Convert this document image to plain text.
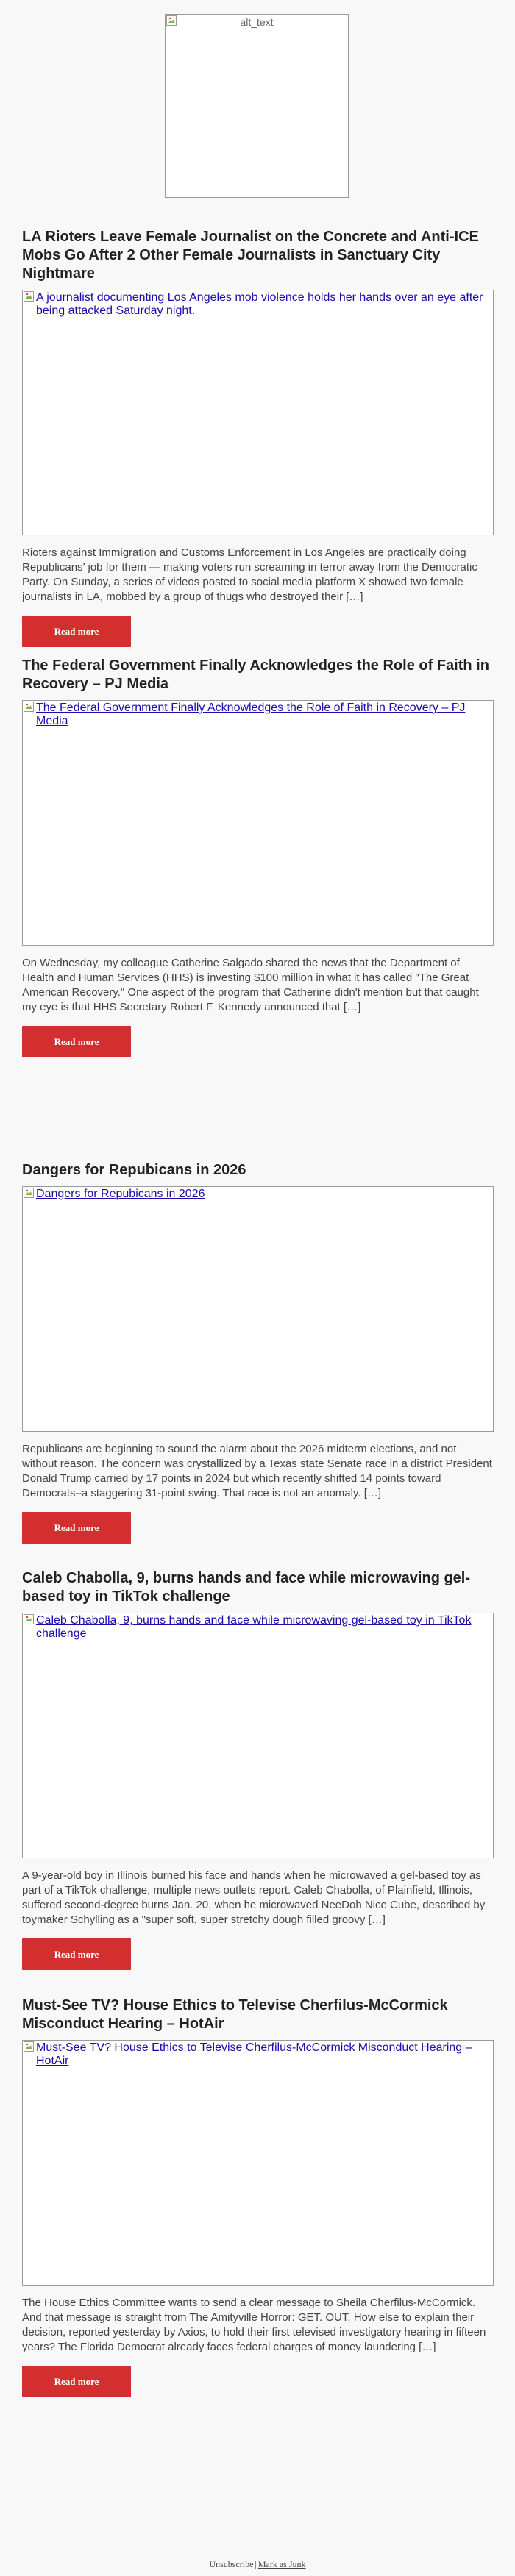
alt_text
LA Rioters Leave Female Journalist on the Concrete and Anti-ICE Mobs Go After 2 Other Female Journalists in Sanctuary City Nightmare
A journalist documenting Los Angeles mob violence holds her hands over an eye after being attacked Saturday night.

Rioters against Immigration and Customs Enforcement in Los Angeles are practically doing Republicans’ job for them — making voters run screaming in terror away from the Democratic Party. On Sunday, a series of videos posted to social media platform X showed two female journalists in LA, mobbed by a group of thugs who destroyed their […]

Read more
The Federal Government Finally Acknowledges the Role of Faith in Recovery – PJ Media
The Federal Government Finally Acknowledges the Role of Faith in Recovery – PJ Media

On Wednesday, my colleague Catherine Salgado shared the news that the Department of Health and Human Services (HHS) is investing $100 million in what it has called "The Great American Recovery." One aspect of the program that Catherine didn't mention but that caught my eye is that HHS Secretary Robert F. Kennedy announced that […]

Read more
Dangers for Repubicans in 2026
Dangers for Repubicans in 2026

Republicans are beginning to sound the alarm about the 2026 midterm elections, and not without reason. The concern was crystallized by a Texas state Senate race in a district President Donald Trump carried by 17 points in 2024 but which recently shifted 14 points toward Democrats–a staggering 31-point swing. That race is not an anomaly. […]

Read more
Caleb Chabolla, 9, burns hands and face while microwaving gel-based toy in TikTok challenge
Caleb Chabolla, 9, burns hands and face while microwaving gel-based toy in TikTok challenge

A 9-year-old boy in Illinois burned his face and hands when he microwaved a gel-based toy as part of a TikTok challenge, multiple news outlets report. Caleb Chabolla, of Plainfield, Illinois, suffered second-degree burns Jan. 20, when he microwaved NeeDoh Nice Cube, described by toymaker Schylling as a "super soft, super stretchy dough filled groovy […]

Read more
Must-See TV? House Ethics to Televise Cherfilus-McCormick Misconduct Hearing – HotAir
Must-See TV? House Ethics to Televise Cherfilus-McCormick Misconduct Hearing – HotAir

The House Ethics Committee wants to send a clear message to Sheila Cherfilus-McCormick. And that message is straight from The Amityville Horror: GET. OUT. How else to explain their decision, reported yesterday by Axios, to hold their first televised investigatory hearing in fifteen years? The Florida Democrat already faces federal charges of money laundering […]

Read more
Unsubscribe | Mark as Junk
